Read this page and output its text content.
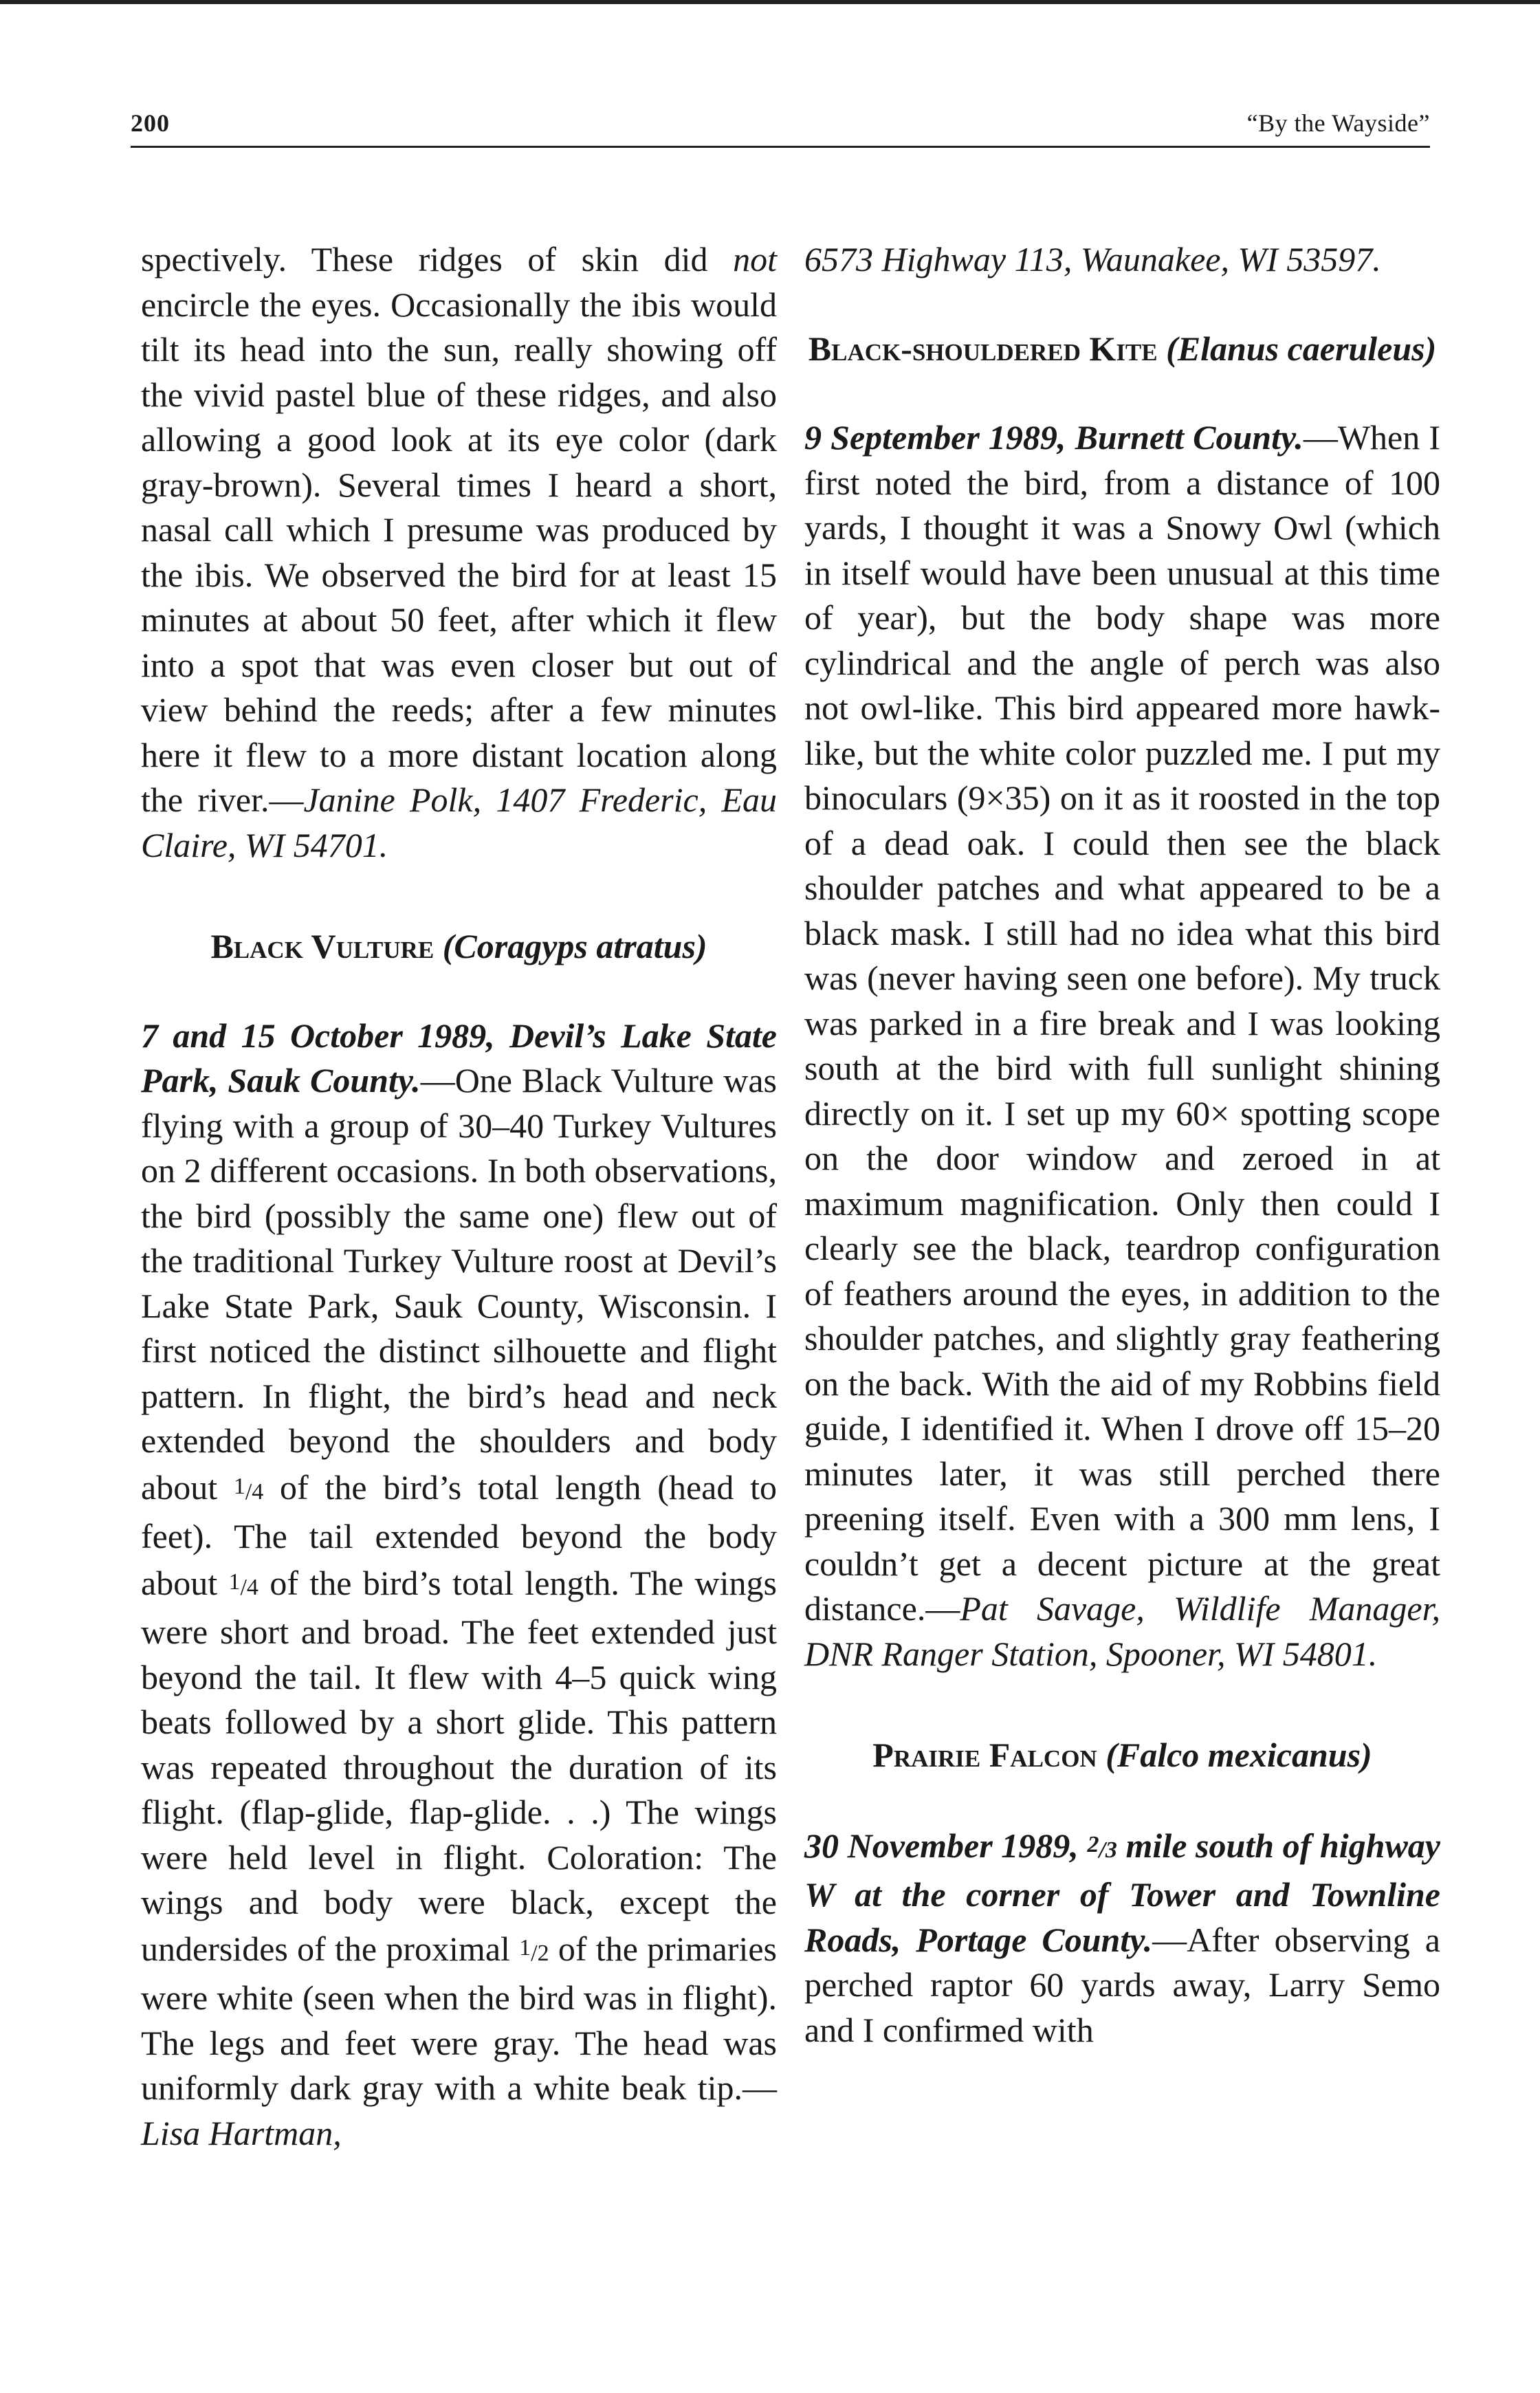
200	“By the Wayside”

spectively. These ridges of skin did not encircle the eyes. Occasionally the ibis would tilt its head into the sun, really showing off the vivid pastel blue of these ridges, and also allowing a good look at its eye color (dark gray-brown). Several times I heard a short, nasal call which I presume was produced by the ibis. We observed the bird for at least 15 minutes at about 50 feet, after which it flew into a spot that was even closer but out of view behind the reeds; after a few minutes here it flew to a more distant location along the river.—Janine Polk, 1407 Frederic, Eau Claire, WI 54701.

Black Vulture (Coragyps atratus)

7 and 15 October 1989, Devil’s Lake State Park, Sauk County.—One Black Vulture was flying with a group of 30–40 Turkey Vultures on 2 different occasions. In both observations, the bird (possibly the same one) flew out of the traditional Turkey Vulture roost at Devil’s Lake State Park, Sauk County, Wisconsin. I first noticed the distinct silhouette and flight pattern. In flight, the bird’s head and neck extended beyond the shoulders and body about $^1$/4 of the bird’s total length (head to feet). The tail extended beyond the body about $^1$/4 of the bird’s total length. The wings were short and broad. The feet extended just beyond the tail. It flew with 4–5 quick wing beats followed by a short glide. This pattern was repeated throughout the duration of its flight. (flap-glide, flap-glide. . .) The wings were held level in flight. Coloration: The wings and body were black, except the undersides of the proximal $^1$/2 of the primaries were white (seen when the bird was in flight). The legs and feet were gray. The head was uniformly dark gray with a white beak tip.—Lisa Hartman,

6573 Highway 113, Waunakee, WI 53597.

Black-shouldered Kite (Elanus caeruleus)

9 September 1989, Burnett County.—When I first noted the bird, from a distance of 100 yards, I thought it was a Snowy Owl (which in itself would have been unusual at this time of year), but the body shape was more cylindrical and the angle of perch was also not owl-like. This bird appeared more hawk-like, but the white color puzzled me. I put my binoculars (9×35) on it as it roosted in the top of a dead oak. I could then see the black shoulder patches and what appeared to be a black mask. I still had no idea what this bird was (never having seen one before). My truck was parked in a fire break and I was looking south at the bird with full sunlight shining directly on it. I set up my 60× spotting scope on the door window and zeroed in at maximum magnification. Only then could I clearly see the black, teardrop configuration of feathers around the eyes, in addition to the shoulder patches, and slightly gray feathering on the back. With the aid of my Robbins field guide, I identified it. When I drove off 15–20 minutes later, it was still perched there preening itself. Even with a 300 mm lens, I couldn’t get a decent picture at the great distance.—Pat Savage, Wildlife Manager, DNR Ranger Station, Spooner, WI 54801.

Prairie Falcon (Falco mexicanus)

30 November 1989, $^2$/3 mile south of highway W at the corner of Tower and Townline Roads, Portage County.—After observing a perched raptor 60 yards away, Larry Semo and I confirmed with
